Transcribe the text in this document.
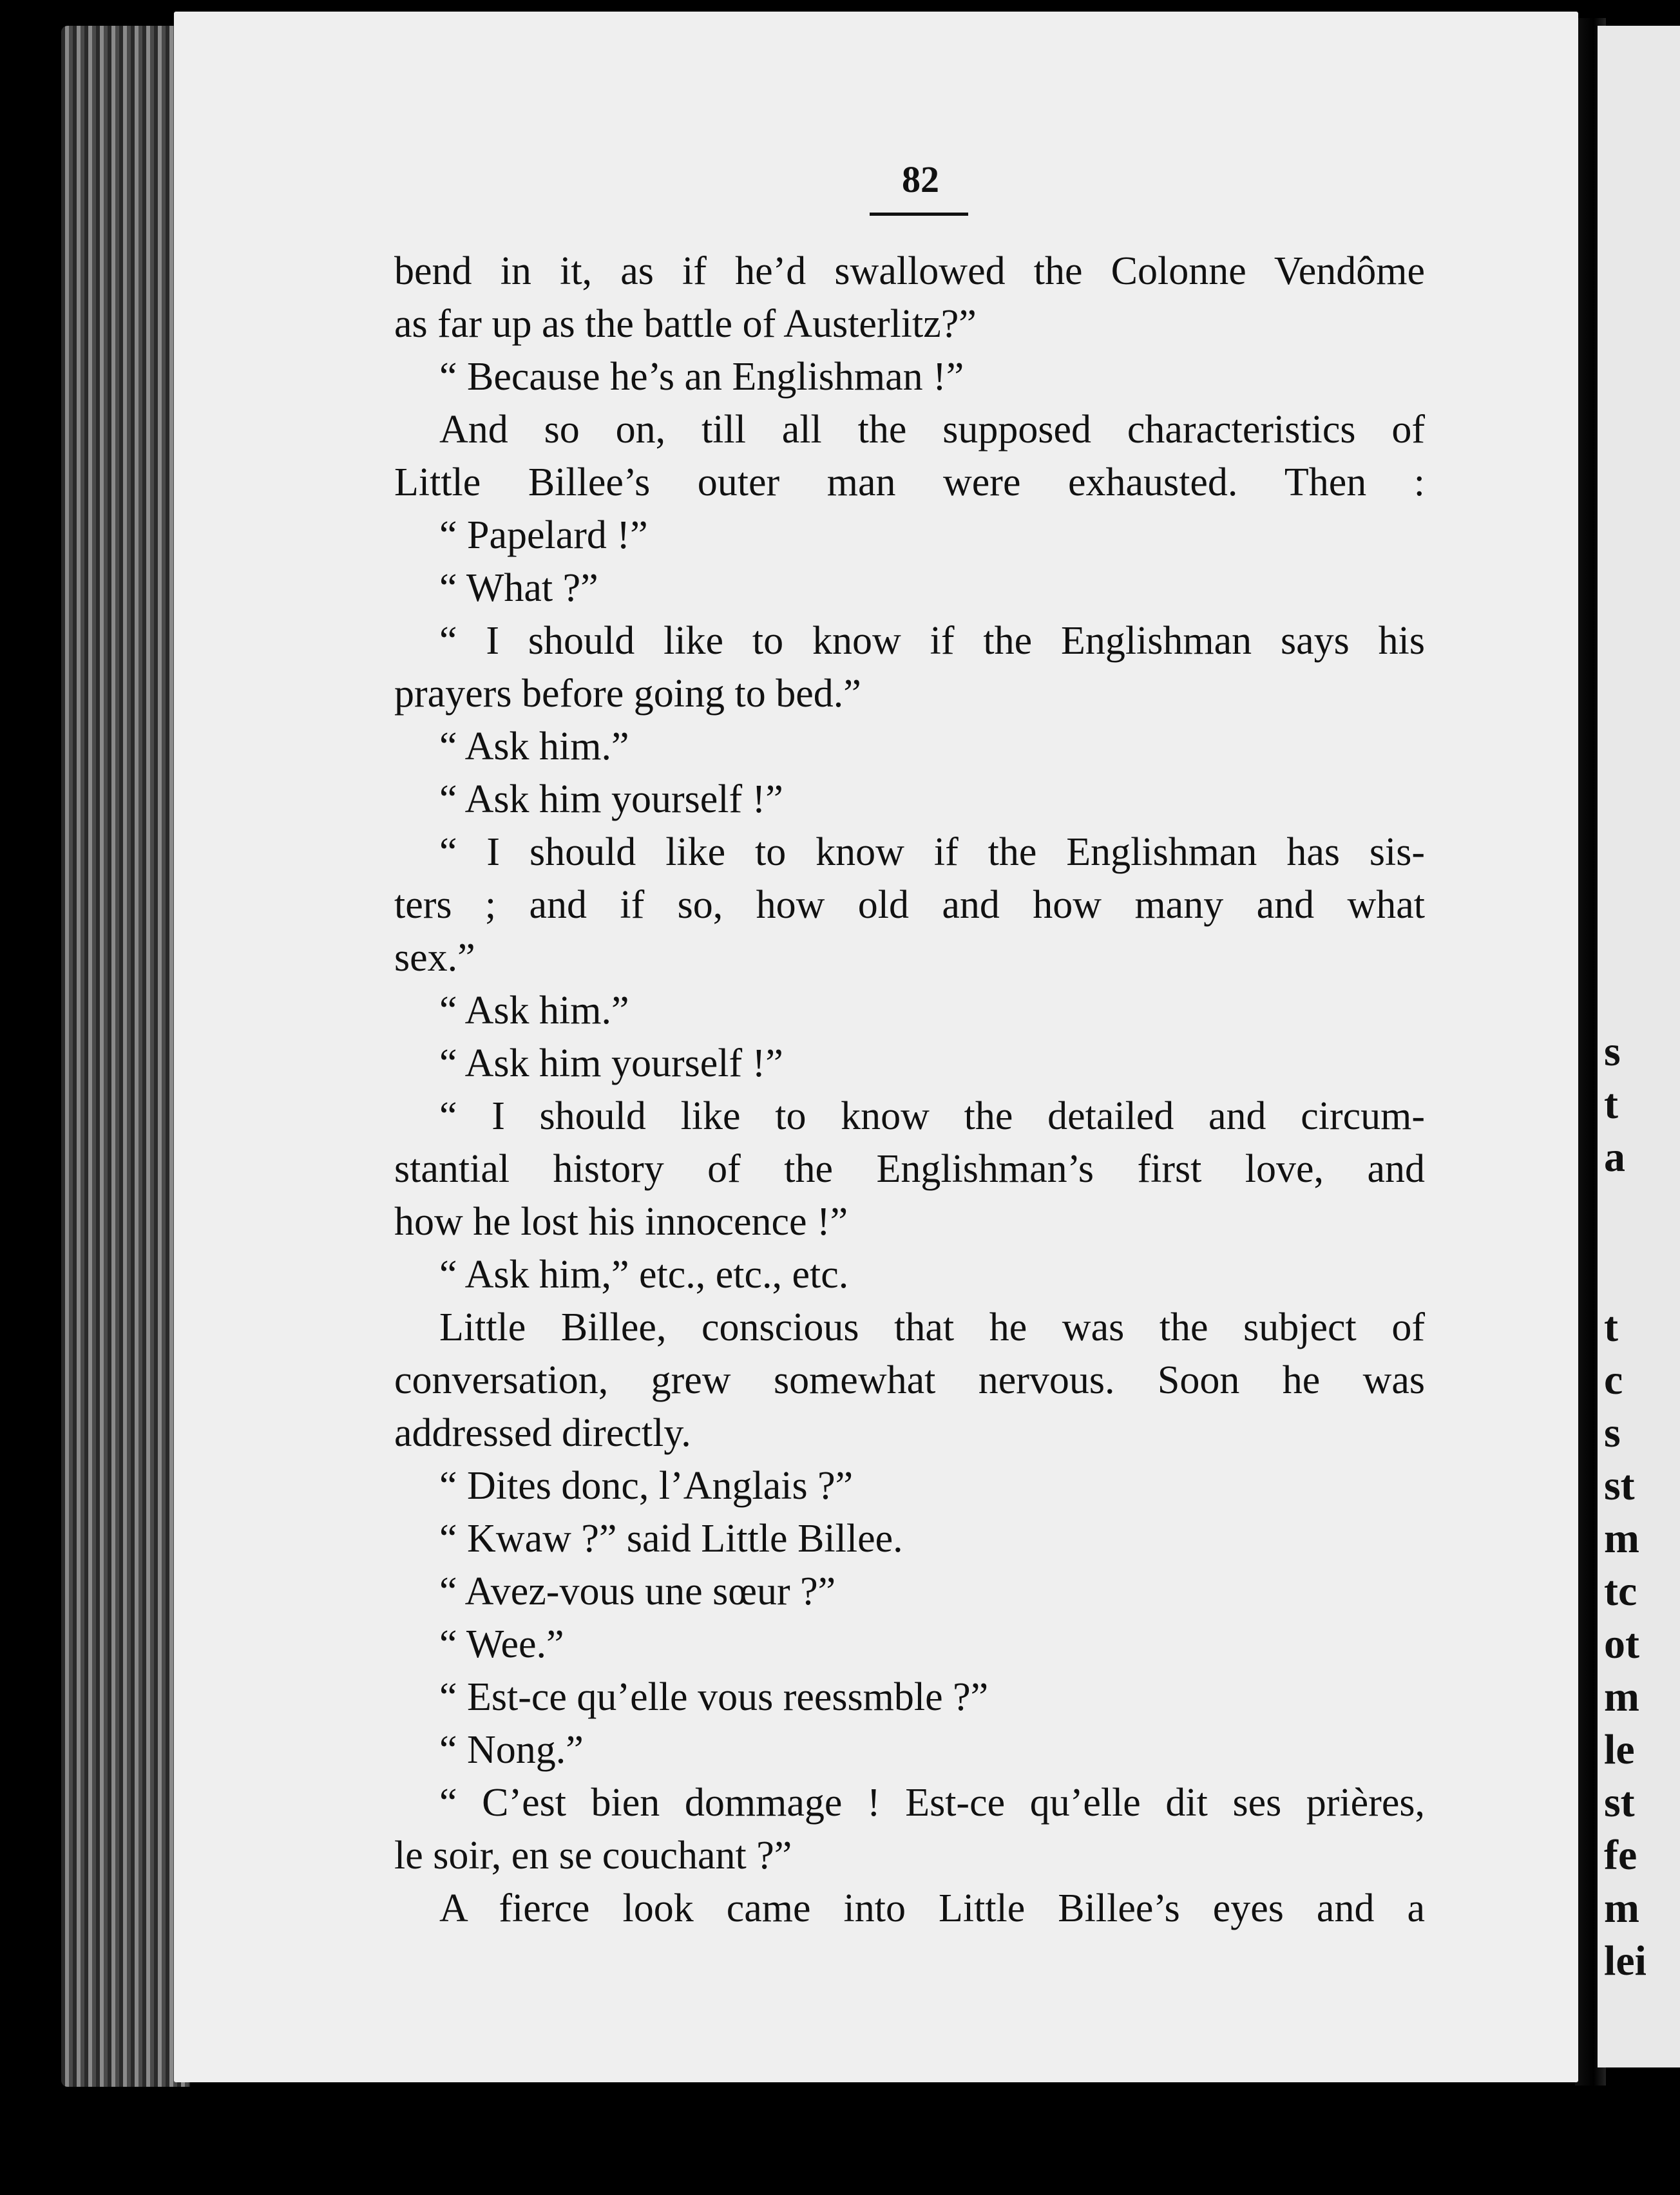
s
t
a
t
c
s
st
m
tc
ot
m
le
st
fe
m
lei
82
bend in it, as if he’d swallowed the Colonne Vendôme
as far up as the battle of Austerlitz?”
“ Because he’s an Englishman !”
And so on, till all the supposed characteristics of
Little Billee’s outer man were exhausted. Then :
“ Papelard !”
“ What ?”
“ I should like to know if the Englishman says his
prayers before going to bed.”
“ Ask him.”
“ Ask him yourself !”
“ I should like to know if the Englishman has sis-
ters ; and if so, how old and how many and what
sex.”
“ Ask him.”
“ Ask him yourself !”
“ I should like to know the detailed and circum-
stantial history of the Englishman’s first love, and
how he lost his innocence !”
“ Ask him,” etc., etc., etc.
Little Billee, conscious that he was the subject of
conversation, grew somewhat nervous. Soon he was
addressed directly.
“ Dites donc, l’Anglais ?”
“ Kwaw ?” said Little Billee.
“ Avez-vous une sœur ?”
“ Wee.”
“ Est-ce qu’elle vous reessmble ?”
“ Nong.”
“ C’est bien dommage ! Est-ce qu’elle dit ses prières,
le soir, en se couchant ?”
A fierce look came into Little Billee’s eyes and a
